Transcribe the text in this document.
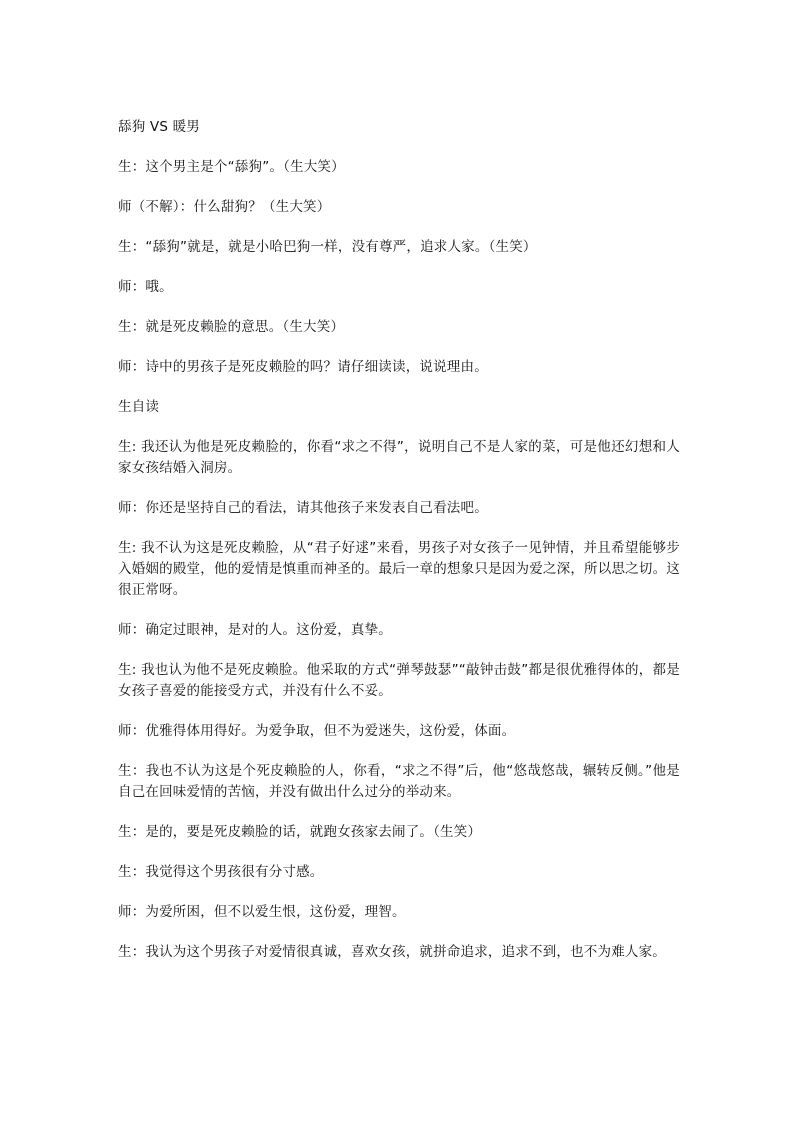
舔狗 VS 暖男

生：这个男主是个“舔狗”。（生大笑）

师（不解）：什么甜狗？（生大笑）

生：“舔狗”就是，就是小哈巴狗一样，没有尊严，追求人家。（生笑）

师：哦。

生：就是死皮赖脸的意思。（生大笑）

师：诗中的男孩子是死皮赖脸的吗？请仔细读读，说说理由。

生自读

生: 我还认为他是死皮赖脸的，你看“求之不得”，说明自己不是人家的菜，可是他还幻想和人家女孩结婚入洞房。

师：你还是坚持自己的看法，请其他孩子来发表自己看法吧。

生: 我不认为这是死皮赖脸，从“君子好逑”来看，男孩子对女孩子一见钟情，并且希望能够步入婚姻的殿堂，他的爱情是慎重而神圣的。最后一章的想象只是因为爱之深，所以思之切。这很正常呀。

师：确定过眼神，是对的人。这份爱，真挚。

生: 我也认为他不是死皮赖脸。他采取的方式“弹琴鼓瑟”“敲钟击鼓”都是很优雅得体的，都是女孩子喜爱的能接受方式，并没有什么不妥。

师：优雅得体用得好。为爱争取，但不为爱迷失，这份爱，体面。

生：我也不认为这是个死皮赖脸的人，你看，“求之不得”后，他“悠哉悠哉，辗转反侧。”他是自己在回味爱情的苦恼，并没有做出什么过分的举动来。

生：是的，要是死皮赖脸的话，就跑女孩家去闹了。（生笑）

生：我觉得这个男孩很有分寸感。

师：为爱所困，但不以爱生恨，这份爱，理智。

生：我认为这个男孩子对爱情很真诚，喜欢女孩，就拼命追求，追求不到，也不为难人家。
